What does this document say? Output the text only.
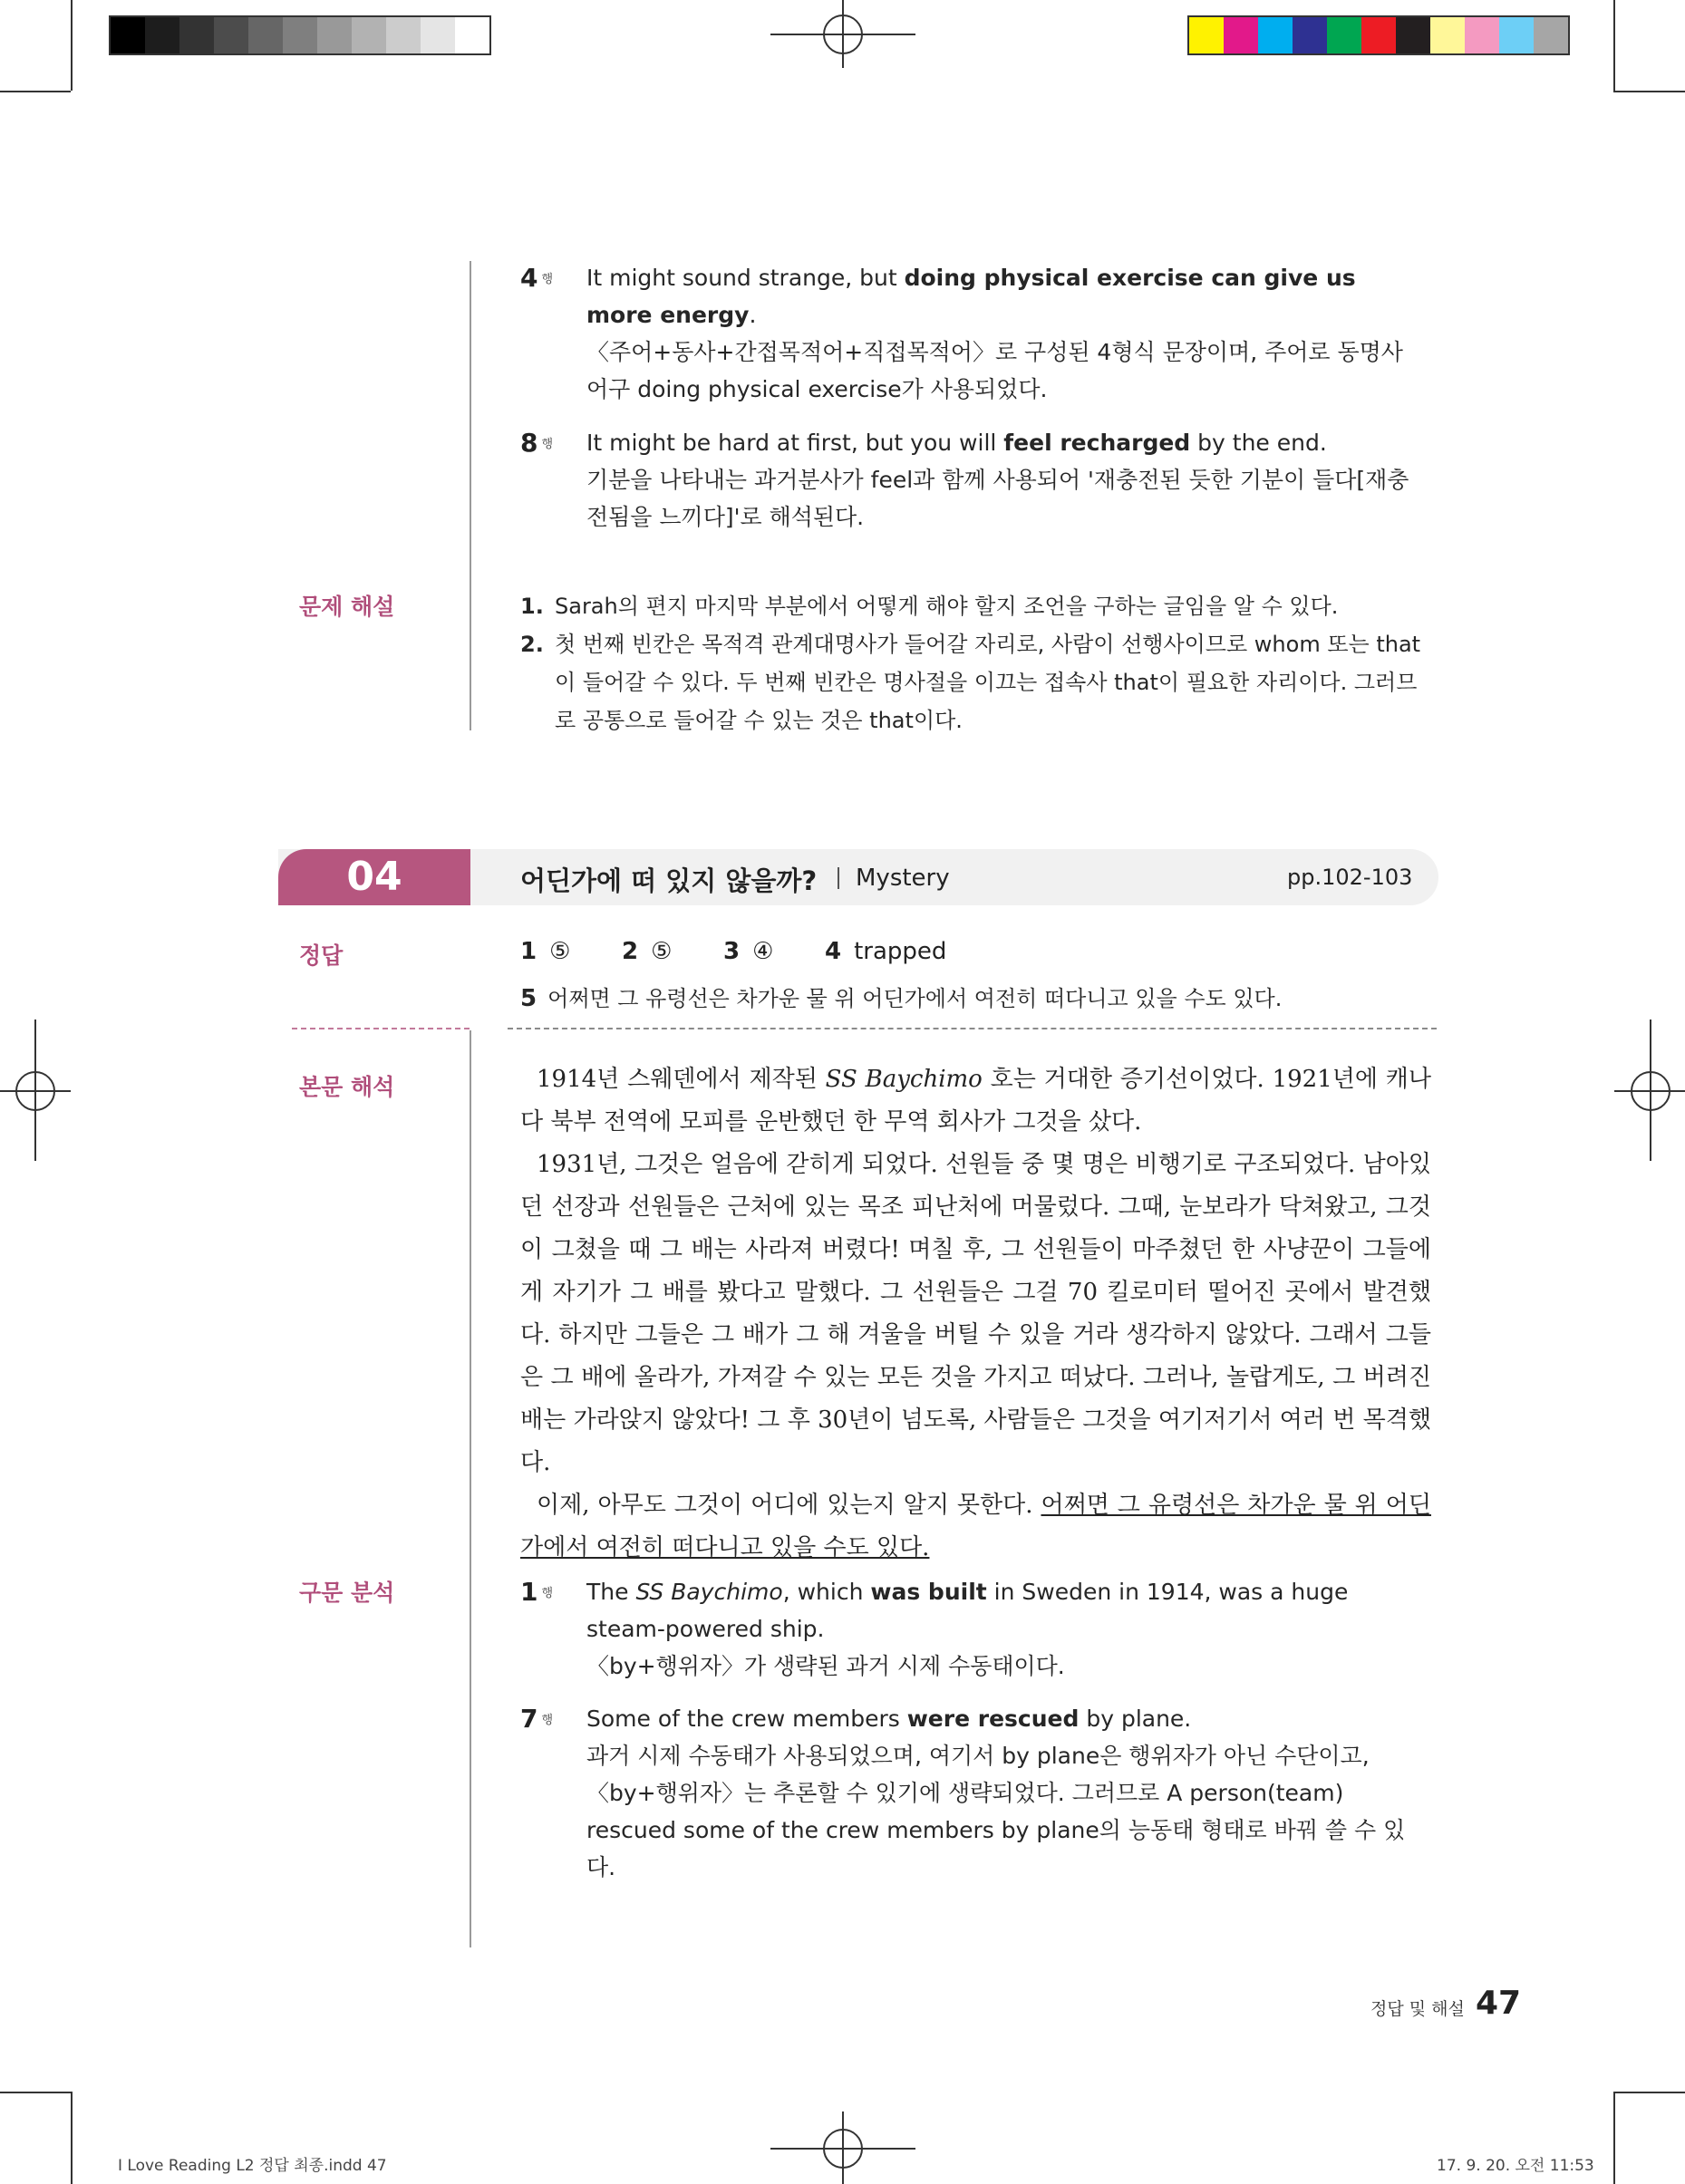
4 $^행$ It might sound strange, but doing physical exercise can give us more energy.
〈주어+동사+간접목적어+직접목적어〉로 구성된 4형식 문장이며, 주어로 동명사 어구 doing physical exercise가 사용되었다.
8 $^행$ It might be hard at first, but you will feel recharged by the end.
기분을 나타내는 과거분사가 feel과 함께 사용되어 '재충전된 듯한 기분이 들다[재충전됨을 느끼다]'로 해석된다.
문제 해설	1. Sarah의 편지 마지막 부분에서 어떻게 해야 할지 조언을 구하는 글임을 알 수 있다.
2. 첫 번째 빈칸은 목적격 관계대명사가 들어갈 자리로, 사람이 선행사이므로 whom 또는 that이 들어갈 수 있다. 두 번째 빈칸은 명사절을 이끄는 접속사 that이 필요한 자리이다. 그러므로 공통으로 들어갈 수 있는 것은 that이다.
04	어딘가에 떠 있지 않을까? Mystery	pp.102-103
정답	1 ⑤	2 ⑤	3 ④	4 trapped
5 어쩌면 그 유령선은 차가운 물 위 어딘가에서 여전히 떠다니고 있을 수도 있다.
본문 해석	1914년 스웨덴에서 제작된 SS Baychimo 호는 거대한 증기선이었다. 1921년에 캐나다 북부 전역에 모피를 운반했던 한 무역 회사가 그것을 샀다.

1931년, 그것은 얼음에 갇히게 되었다. 선원들 중 몇 명은 비행기로 구조되었다. 남아있던 선장과 선원들은 근처에 있는 목조 피난처에 머물렀다. 그때, 눈보라가 닥쳐왔고, 그것이 그쳤을 때 그 배는 사라져 버렸다! 며칠 후, 그 선원들이 마주쳤던 한 사냥꾼이 그들에게 자기가 그 배를 봤다고 말했다. 그 선원들은 그걸 70 킬로미터 떨어진 곳에서 발견했다. 하지만 그들은 그 배가 그 해 겨울을 버틸 수 있을 거라 생각하지 않았다. 그래서 그들은 그 배에 올라가, 가져갈 수 있는 모든 것을 가지고 떠났다. 그러나, 놀랍게도, 그 버려진 배는 가라앉지 않았다! 그 후 30년이 넘도록, 사람들은 그것을 여기저기서 여러 번 목격했다.

이제, 아무도 그것이 어디에 있는지 알지 못한다. 어쩌면 그 유령선은 차가운 물 위 어딘가에서 여전히 떠다니고 있을 수도 있다.

구문 분석	1 $^행$ The SS Baychimo, which was built in Sweden in 1914, was a huge steam-powered ship.
〈by+행위자〉가 생략된 과거 시제 수동태이다.
7 $^행$ Some of the crew members were rescued by plane.
과거 시제 수동태가 사용되었으며, 여기서 by plane은 행위자가 아닌 수단이고, 〈by+행위자〉는 추론할 수 있기에 생략되었다. 그러므로 A person(team) rescued some of the crew members by plane의 능동태 형태로 바꿔 쓸 수 있다.
정답 및 해설 47
I Love Reading L2 정답 최종.indd 47	17. 9. 20. 오전 11:53
